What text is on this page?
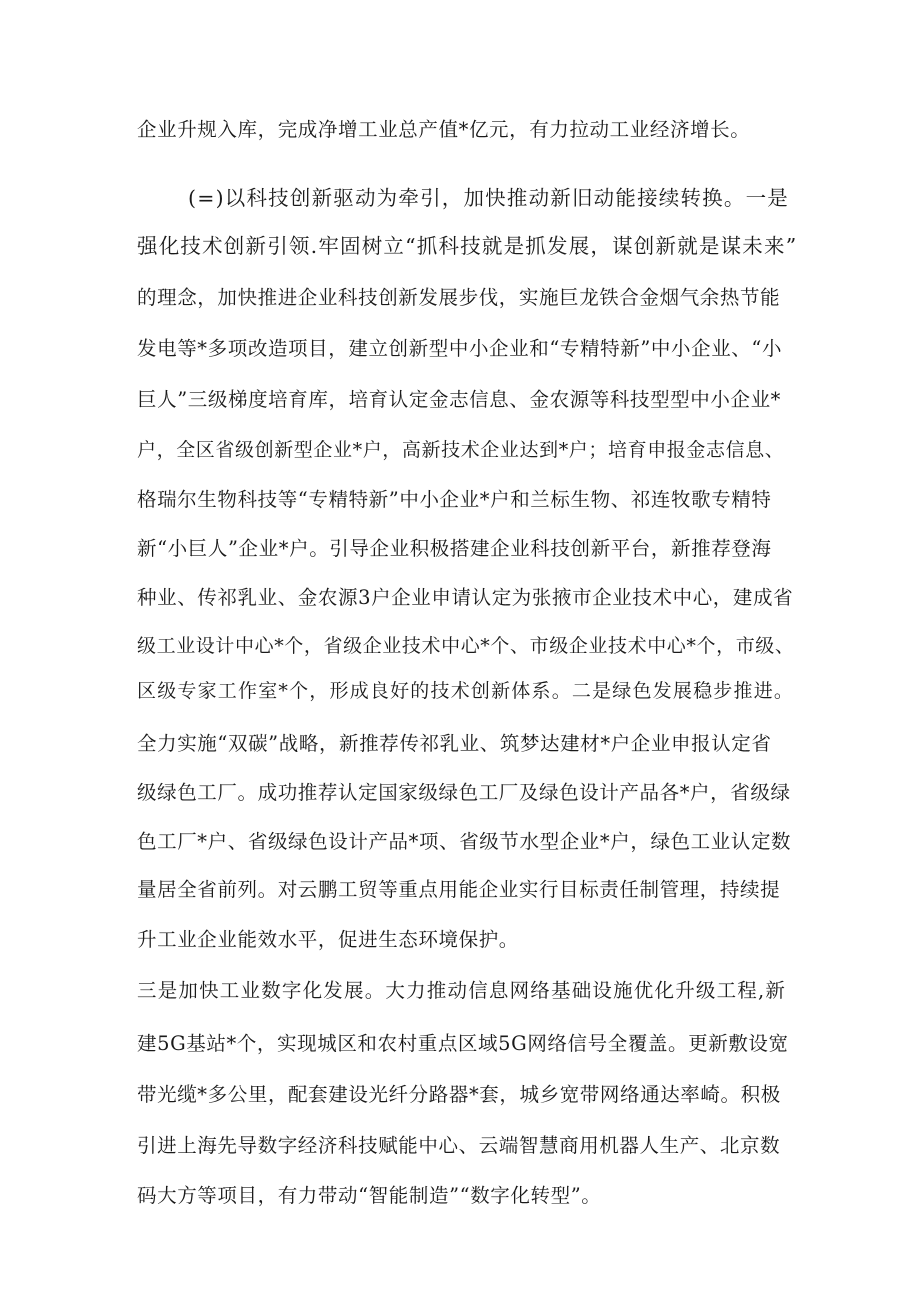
企业升规入库，完成净增工业总产值*亿元，有力拉动工业经济增长。
(=)以科技创新驱动为牵引，加快推动新旧动能接续转换。一是
强化技术创新引领.牢固树立“抓科技就是抓发展，谋创新就是谋未来”
的理念，加快推进企业科技创新发展步伐，实施巨龙铁合金烟气余热节能
发电等*多项改造项目，建立创新型中小企业和“专精特新”中小企业、“小
巨人”三级梯度培育库，培育认定金志信息、金农源等科技型型中小企业*
户，全区省级创新型企业*户，高新技术企业达到*户；培育申报金志信息、
格瑞尔生物科技等“专精特新”中小企业*户和兰标生物、祁连牧歌专精特
新“小巨人”企业*户。引导企业积极搭建企业科技创新平台，新推荐登海
种业、传祁乳业、金农源3户企业申请认定为张掖市企业技术中心，建成省
级工业设计中心*个，省级企业技术中心*个、市级企业技术中心*个，市级、
区级专家工作室*个，形成良好的技术创新体系。二是绿色发展稳步推进。
全力实施“双碳”战略，新推荐传祁乳业、筑梦达建材*户企业申报认定省
级绿色工厂。成功推荐认定国家级绿色工厂及绿色设计产品各*户，省级绿
色工厂*户、省级绿色设计产品*项、省级节水型企业*户，绿色工业认定数
量居全省前列。对云鹏工贸等重点用能企业实行目标责任制管理，持续提
升工业企业能效水平，促进生态环境保护。
三是加快工业数字化发展。大力推动信息网络基础设施优化升级工程,新
建5G基站*个，实现城区和农村重点区域5G网络信号全覆盖。更新敷设宽
带光缆*多公里，配套建设光纤分路器*套，城乡宽带网络通达率崎。积极
引进上海先导数字经济科技赋能中心、云端智慧商用机器人生产、北京数
码大方等项目，有力带动“智能制造”“数字化转型”。
